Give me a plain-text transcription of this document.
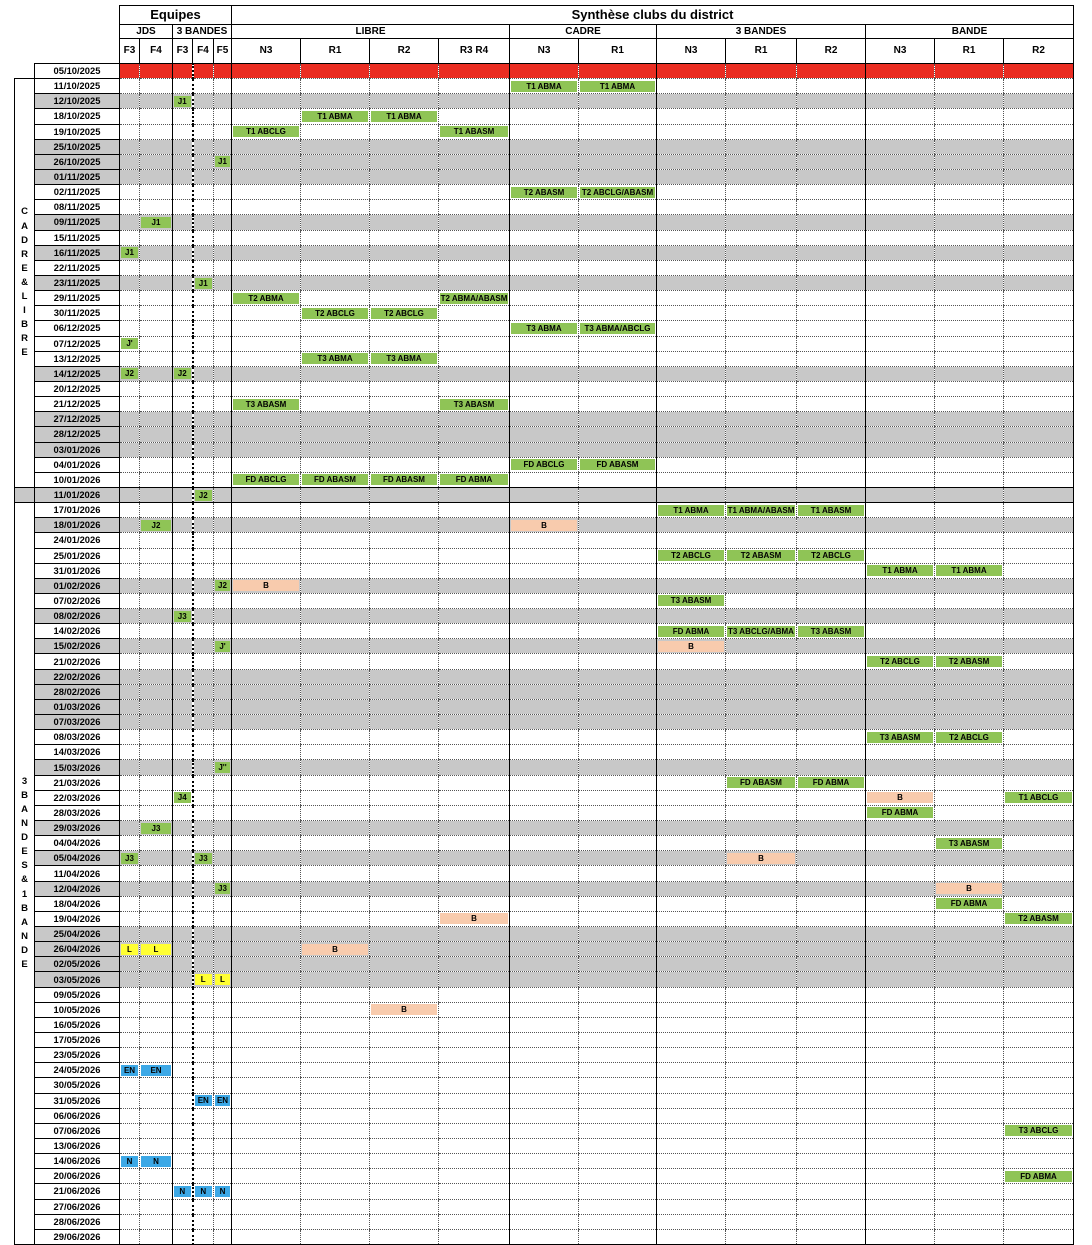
		Equipes					Synthèse clubs du district											
		JDS		3 BANDES			LIBRE				CADRE		3 BANDES			BANDE		
		F3	F4	F3	F4	F5	N3	R1	R2	R3 R4	N3	R1	N3	R1	R2	N3	R1	R2
	05/10/2025																	
C A D R E & L I B R E	11/10/2025										T1 ABMA	T1 ABMA						

	12/10/2025			J1														

	18/10/2025							T1 ABMA	T1 ABMA									

	19/10/2025						T1 ABCLG			T1 ABASM								

	25/10/2025																	
	26/10/2025					J1												

	01/11/2025																	
	02/11/2025										T2 ABASM	T2 ABCLG/ABASM						

	08/11/2025																	
	09/11/2025		J1															

	15/11/2025																	
	16/11/2025	J1																

	22/11/2025																	
	23/11/2025				J1													

	29/11/2025						T2 ABMA			T2 ABMA/ABASM								

	30/11/2025							T2 ABCLG	T2 ABCLG									

	06/12/2025										T3 ABMA	T3 ABMA/ABCLG						

	07/12/2025	J'																

	13/12/2025							T3 ABMA	T3 ABMA									

	14/12/2025	J2		J2														

	20/12/2025																	
	21/12/2025						T3 ABASM			T3 ABASM								

	27/12/2025																	
	28/12/2025																	
	03/01/2026																	
	04/01/2026										FD ABCLG	FD ABASM						

	10/01/2026						FD ABCLG	FD ABASM	FD ABASM	FD ABMA								

	11/01/2026				J2													

3 B A N D E S & 1 B A N D E	17/01/2026												T1 ABMA	T1 ABMA/ABASM	T1 ABASM			

	18/01/2026		J2								B							

	24/01/2026																	
	25/01/2026												T2 ABCLG	T2 ABASM	T2 ABCLG			

	31/01/2026															T1 ABMA	T1 ABMA	

	01/02/2026					J2	B											

	07/02/2026												T3 ABASM					

	08/02/2026			J3														

	14/02/2026												FD ABMA	T3 ABCLG/ABMA	T3 ABASM			

	15/02/2026					J'							B					

	21/02/2026															T2 ABCLG	T2 ABASM	

	22/02/2026																	
	28/02/2026																	
	01/03/2026																	
	07/03/2026																	
	08/03/2026															T3 ABASM	T2 ABCLG	

	14/03/2026																	
	15/03/2026					J''												

	21/03/2026													FD ABASM	FD ABMA			

	22/03/2026			J4												B		T1 ABCLG

	28/03/2026															FD ABMA		

	29/03/2026		J3															

	04/04/2026																T3 ABASM	

	05/04/2026	J3			J3									B				

	11/04/2026																	
	12/04/2026					J3											B	

	18/04/2026																FD ABMA	

	19/04/2026									B								T2 ABASM

	25/04/2026																	
	26/04/2026	L	L					B										

	02/05/2026																	
	03/05/2026				L	L												

	09/05/2026																	
	10/05/2026								B									

	16/05/2026																	
	17/05/2026																	
	23/05/2026																	
	24/05/2026	EN	EN															

	30/05/2026																	
	31/05/2026				EN	EN												

	06/06/2026																	
	07/06/2026																	T3 ABCLG

	13/06/2026																	
	14/06/2026	N	N															

	20/06/2026																	FD ABMA

	21/06/2026			N	N	N												

	27/06/2026																	
	28/06/2026																	
	29/06/2026																	
